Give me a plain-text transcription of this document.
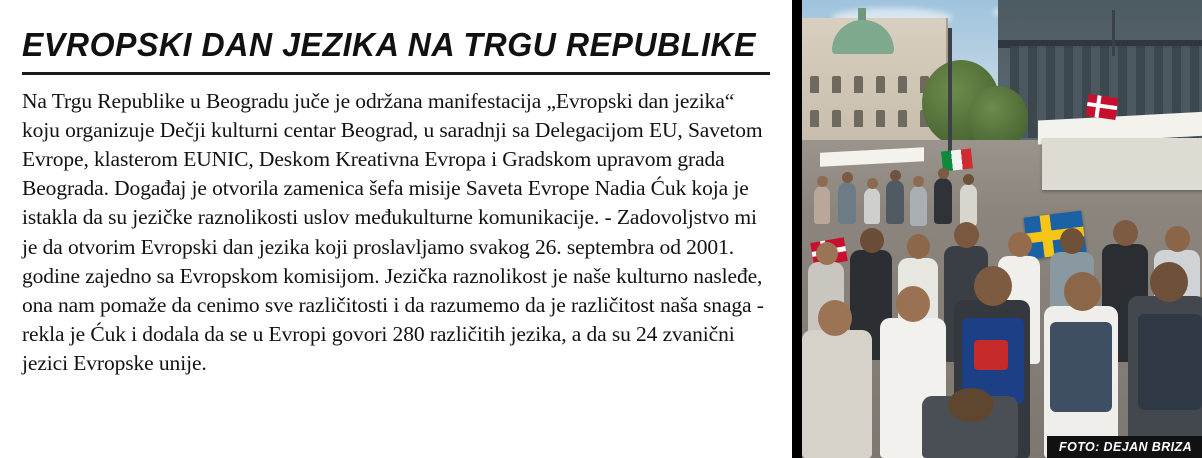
EVROPSKI DAN JEZIKA NA TRGU REPUBLIKE

Na Trgu Republike u Beogradu juče je održana manifestacija „Evropski dan jezika“ koju organizuje Dečji kulturni centar Beograd, u saradnji sa Delegacijom EU, Savetom Evrope, klasterom EUNIC, Deskom Kreativna Evropa i Gradskom upravom grada Beograda. Događaj je otvorila zamenica šefa misije Saveta Evrope Nadia Ćuk koja je istakla da su jezičke raznolikosti uslov međukulturne komunikacije. - Zadovoljstvo mi je da otvorim Evropski dan jezika koji proslavljamo svakog 26. septembra od 2001. godine zajedno sa Evropskom komisijom. Jezička raznolikost je naše kulturno nasleđe, ona nam pomaže da cenimo sve različitosti i da razumemo da je različitost naša snaga - rekla je Ćuk i dodala da se u Evropi govori 280 različitih jezika, a da su 24 zvanični jezici Evropske unije.

FOTO: DEJAN BRIZA
